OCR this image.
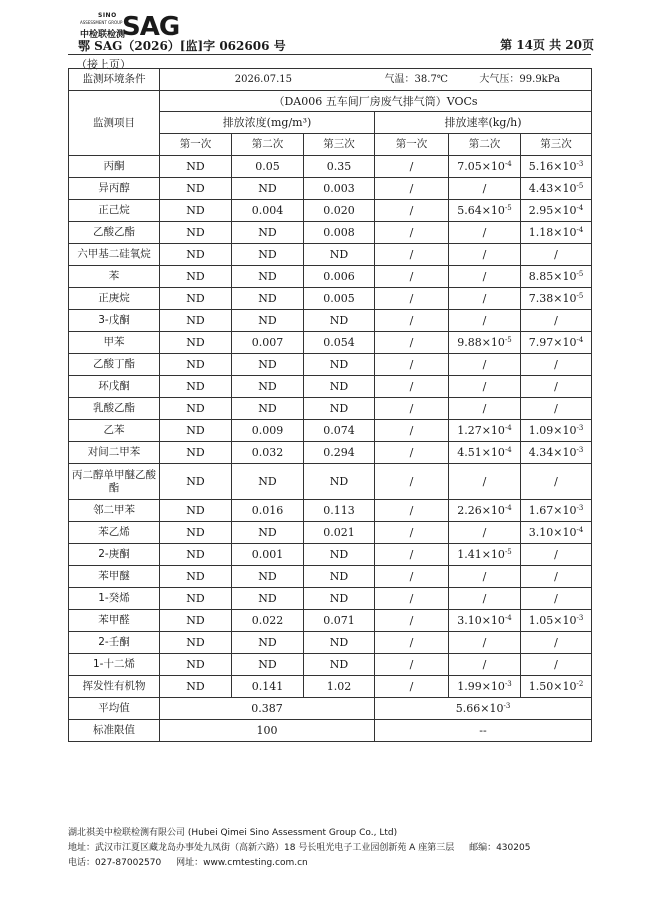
SINO
ASSESSMENT GROUP
中检联检测
SAG
鄂 SAG（2026）[监]字 062606 号	第 14页 共 20页
（接上页）
监测环境条件	2026.07.15 气温：38.7℃ 大气压：99.9kPa					

监测项目	（DA006 五车间厂房废气排气筒）VOCs					
	排放浓度(mg/m³)			排放速率(kg/h)		
	第一次	第二次	第三次	第一次	第二次	第三次
丙酮	ND	0.05	0.35	/	$7.05\times 10^{-4}$	$5.16\times 10^{-3}$
异丙醇	ND	ND	0.003	/	/	$4.43\times 10^{-5}$
正己烷	ND	0.004	0.020	/	$5.64\times 10^{-5}$	$2.95\times 10^{-4}$
乙酸乙酯	ND	ND	0.008	/	/	$1.18\times 10^{-4}$
六甲基二硅氧烷	ND	ND	ND	/	/	/
苯	ND	ND	0.006	/	/	$8.85\times 10^{-5}$
正庚烷	ND	ND	0.005	/	/	$7.38\times 10^{-5}$
3-戊酮	ND	ND	ND	/	/	/
甲苯	ND	0.007	0.054	/	$9.88\times 10^{-5}$	$7.97\times 10^{-4}$
乙酸丁酯	ND	ND	ND	/	/	/
环戊酮	ND	ND	ND	/	/	/
乳酸乙酯	ND	ND	ND	/	/	/
乙苯	ND	0.009	0.074	/	$1.27\times 10^{-4}$	$1.09\times 10^{-3}$
对间二甲苯	ND	0.032	0.294	/	$4.51\times 10^{-4}$	$4.34\times 10^{-3}$
丙二醇单甲醚乙酸酯	ND	ND	ND	/	/	/
邻二甲苯	ND	0.016	0.113	/	$2.26\times 10^{-4}$	$1.67\times 10^{-3}$
苯乙烯	ND	ND	0.021	/	/	$3.10\times 10^{-4}$
2-庚酮	ND	0.001	ND	/	$1.41\times 10^{-5}$	/
苯甲醚	ND	ND	ND	/	/	/
1-癸烯	ND	ND	ND	/	/	/
苯甲醛	ND	0.022	0.071	/	$3.10\times 10^{-4}$	$1.05\times 10^{-3}$
2-壬酮	ND	ND	ND	/	/	/
1-十二烯	ND	ND	ND	/	/	/
挥发性有机物	ND	0.141	1.02	/	$1.99\times 10^{-3}$	$1.50\times 10^{-2}$
平均值	0.387			$5.66\times 10^{-3}$
标准限值	100			--		
湖北祺美中检联检测有限公司 (Hubei Qimei Sino Assessment Group Co., Ltd)
地址：武汉市江夏区藏龙岛办事处九凤街（高新六路）18 号长咀光电子工业园创新苑 A 座第三层 邮编：430205
电话：027-87002570 网址：www.cmtesting.com.cn
